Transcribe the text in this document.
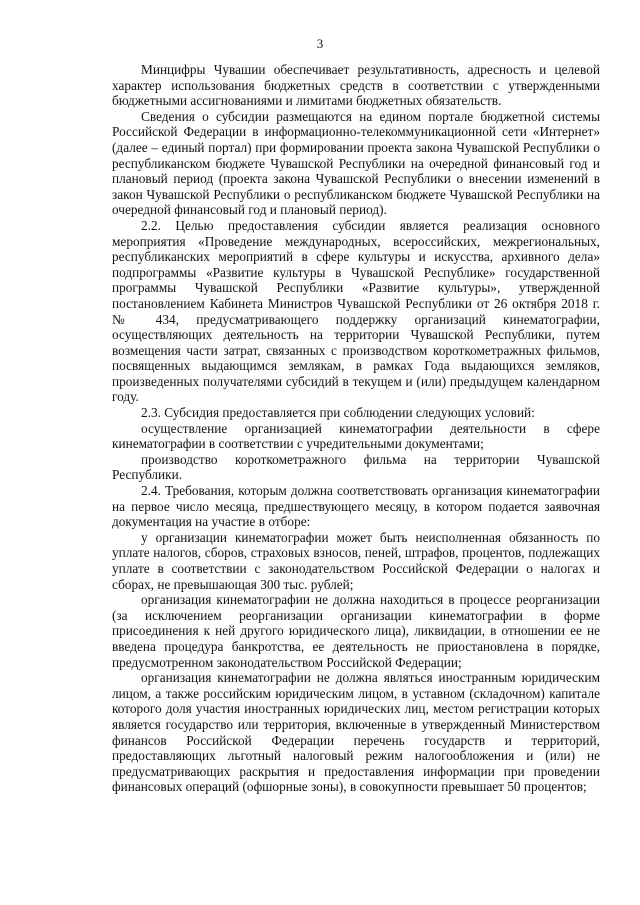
3

Минцифры Чувашии обеспечивает результативность, адресность и целевой характер использования бюджетных средств в соответствии с утвержденными бюджетными ассигнованиями и лимитами бюджетных обязательств.

Сведения о субсидии размещаются на едином портале бюджетной системы Российской Федерации в информационно-телекоммуникационной сети «Интернет» (далее – единый портал) при формировании проекта закона Чувашской Республики о республиканском бюджете Чувашской Республики на очередной финансовый год и плановый период (проекта закона Чувашской Республики о внесении изменений в закон Чувашской Республики о республиканском бюджете Чувашской Республики на очередной финансовый год и плановый период).

2.2. Целью предоставления субсидии является реализация основного мероприятия «Проведение международных, всероссийских, межрегиональных, республиканских мероприятий в сфере культуры и искусства, архивного дела» подпрограммы «Развитие культуры в Чувашской Республике» государственной программы Чувашской Республики «Развитие культуры», утвержденной постановлением Кабинета Министров Чувашской Республики от 26 октября 2018 г. № 434, предусматривающего поддержку организаций кинематографии, осуществляющих деятельность на территории Чувашской Республики, путем возмещения части затрат, связанных с производством короткометражных фильмов, посвященных выдающимся землякам, в рамках Года выдающихся земляков, произведенных получателями субсидий в текущем и (или) предыдущем календарном году.

2.3. Субсидия предоставляется при соблюдении следующих условий:

осуществление организацией кинематографии деятельности в сфере кинематографии в соответствии с учредительными документами;

производство короткометражного фильма на территории Чувашской Республики.

2.4. Требования, которым должна соответствовать организация кинематографии на первое число месяца, предшествующего месяцу, в котором подается заявочная документация на участие в отборе:

у организации кинематографии может быть неисполненная обязанность по уплате налогов, сборов, страховых взносов, пеней, штрафов, процентов, подлежащих уплате в соответствии с законодательством Российской Федерации о налогах и сборах, не превышающая 300 тыс. рублей;

организация кинематографии не должна находиться в процессе реорганизации (за исключением реорганизации организации кинематографии в форме присоединения к ней другого юридического лица), ликвидации, в отношении ее не введена процедура банкротства, ее деятельность не приостановлена в порядке, предусмотренном законодательством Российской Федерации;

организация кинематографии не должна являться иностранным юридическим лицом, а также российским юридическим лицом, в уставном (складочном) капитале которого доля участия иностранных юридических лиц, местом регистрации которых является государство или территория, включенные в утвержденный Министерством финансов Российской Федерации перечень государств и территорий, предоставляющих льготный налоговый режим налогообложения и (или) не предусматривающих раскрытия и предоставления информации при проведении финансовых операций (офшорные зоны), в совокупности превышает 50 процентов;
